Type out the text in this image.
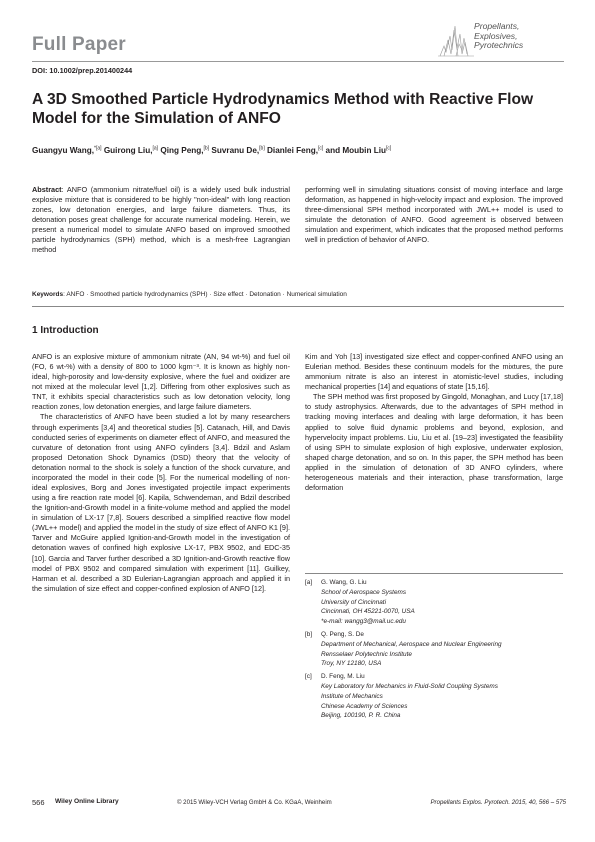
Full Paper
Propellants,
Explosives,
Pyrotechnics
DOI: 10.1002/prep.201400244
A 3D Smoothed Particle Hydrodynamics Method with Reactive Flow Model for the Simulation of ANFO
Guangyu Wang,$^{*[a]}$ Guirong Liu,[a] Qing Peng,[b] Suvranu De,[b] Dianlei Feng,[c] and Moubin Liu[c]
Abstract: ANFO (ammonium nitrate/fuel oil) is a widely used bulk industrial explosive mixture that is considered to be highly "non-ideal" with long reaction zones, low detonation energies, and large failure diameters. Thus, its detonation poses great challenge for accurate numerical modeling. Herein, we present a numerical model to simulate ANFO based on improved smoothed particle hydrodynamics (SPH) method, which is a mesh-free Lagrangian method
performing well in simulating situations consist of moving interface and large deformation, as happened in high-velocity impact and explosion. The improved three-dimensional SPH method incorporated with JWL++ model is used to simulate the detonation of ANFO. Good agreement is observed between simulation and experiment, which indicates that the proposed method performs well in prediction of behavior of ANFO.
Keywords: ANFO · Smoothed particle hydrodynamics (SPH) · Size effect · Detonation · Numerical simulation
1 Introduction

ANFO is an explosive mixture of ammonium nitrate (AN, 94 wt-%) and fuel oil (FO, 6 wt-%) with a density of 800 to 1000 kgm⁻³. It is known as highly non-ideal, high-porosity and low-density explosive, where the fuel and oxidizer are not mixed at the molecular level [1,2]. Differing from other explosives such as TNT, it exhibits special characteristics such as low detonation velocity, long reaction zones, low detonation energies, and large failure diameters.

The characteristics of ANFO have been studied a lot by many researchers through experiments [3,4] and theoretical studies [5]. Catanach, Hill, and Davis conducted series of experiments on diameter effect of ANFO, and measured the curvature of detonation front using ANFO cylinders [3,4]. Bdzil and Aslam proposed Detonation Shock Dynamics (DSD) theory that the velocity of detonation normal to the shock is solely a function of the shock curvature, and incorporated the model in their code [5]. For the numerical modelling of non-ideal explosives, Borg and Jones investigated projectile impact experiments using a fire reaction rate model [6]. Kapila, Schwendeman, and Bdzil described the Ignition-and-Growth model in a finite-volume method and applied the model in simulation of LX-17 [7,8]. Souers described a simplified reactive flow model (JWL++ model) and applied the model in the study of size effect of ANFO K1 [9]. Tarver and McGuire applied Ignition-and-Growth model in the investigation of detonation waves of confined high explosive LX-17, PBX 9502, and EDC-35 [10]. Garcia and Tarver further described a 3D Ignition-and-Growth reactive flow model of PBX 9502 and compared simulation with experiment [11]. Guilkey, Harman et al. described a 3D Eulerian-Lagrangian approach and applied it in the simulation of size effect and copper-confined explosion of ANFO [12].

Kim and Yoh [13] investigated size effect and copper-confined ANFO using an Eulerian method. Besides these continuum models for the mixtures, the pure ammonium nitrate is also an interest in atomistic-level studies, including mechanical properties [14] and equations of state [15,16].

The SPH method was first proposed by Gingold, Monaghan, and Lucy [17,18] to study astrophysics. Afterwards, due to the advantages of SPH method in tracking moving interfaces and dealing with large deformation, it has been applied to solve fluid dynamic problems and beyond, explosion, and hypervelocity impact problems. Liu, Liu et al. [19–23] investigated the feasibility of using SPH to simulate explosion of high explosive, underwater explosion, shaped charge detonation, and so on. In this paper, the SPH method has been applied in the simulation of detonation of 3D ANFO cylinders, where heterogeneous materials and their interaction, phase transformation, large deformation

[a]	G. Wang, G. Liu
School of Aerospace Systems
University of Cincinnati
Cincinnati, OH 45221-0070, USA
*e-mail: wangg3@mail.uc.edu
[b]	Q. Peng, S. De
Department of Mechanical, Aerospace and Nuclear Engineering
Rensselaer Polytechnic Institute
Troy, NY 12180, USA
[c]	D. Feng, M. Liu
Key Laboratory for Mechanics in Fluid-Solid Coupling Systems
Institute of Mechanics
Chinese Academy of Sciences
Beijing, 100190, P. R. China
566 Wiley Online Library	© 2015 Wiley-VCH Verlag GmbH & Co. KGaA, Weinheim	Propellants Explos. Pyrotech. 2015, 40, 566 – 575
